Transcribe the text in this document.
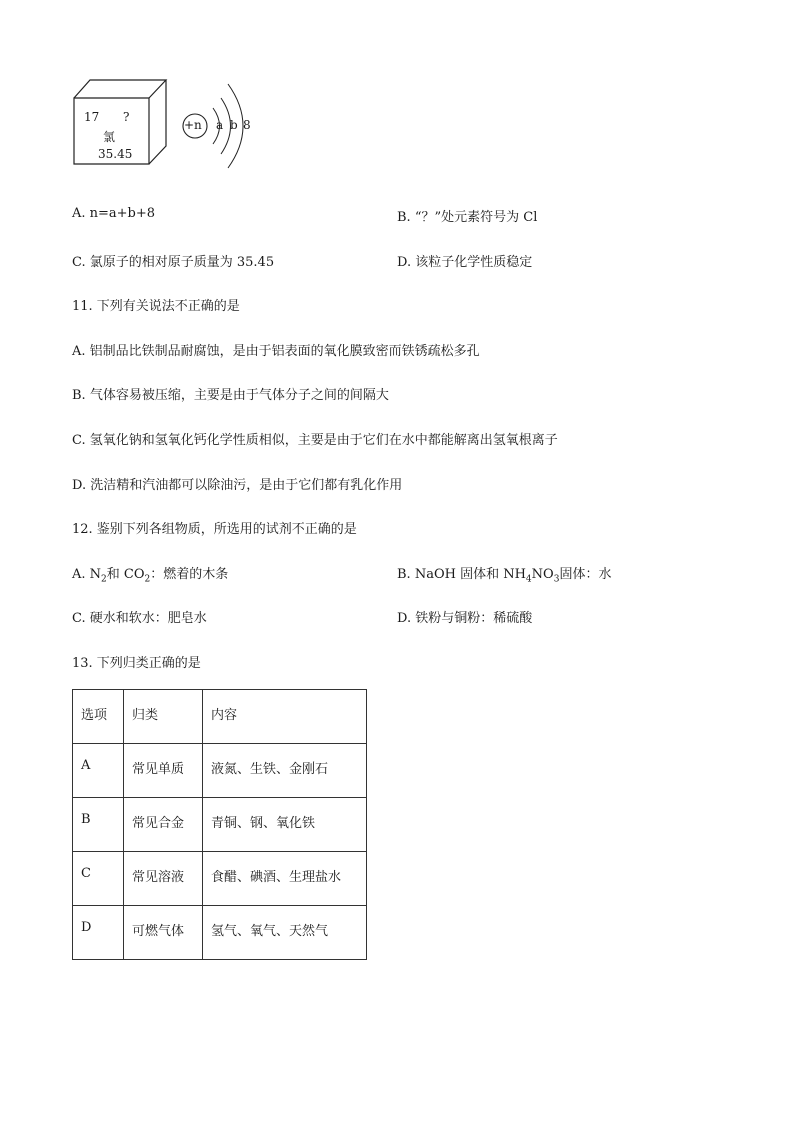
17 ?
氯
35.45
+n a b 8
A. n=a+b+8	B. “？”处元素符号为 Cl
C. 氯原子的相对原子质量为 35.45	D. 该粒子化学性质稳定
11. 下列有关说法不正确的是
A. 铝制品比铁制品耐腐蚀，是由于铝表面的氧化膜致密而铁锈疏松多孔
B. 气体容易被压缩，主要是由于气体分子之间的间隔大
C. 氢氧化钠和氢氧化钙化学性质相似，主要是由于它们在水中都能解离出氢氧根离子
D. 洗洁精和汽油都可以除油污，是由于它们都有乳化作用
12. 鉴别下列各组物质，所选用的试剂不正确的是
A. $N_2$和 $CO_2$：燃着的木条	B. NaOH 固体和 $NH_4NO_3$固体：水
C. 硬水和软水：肥皂水	D. 铁粉与铜粉：稀硫酸
13. 下列归类正确的是
选项	归类	内容
A	常见单质	液氮、生铁、金刚石
B	常见合金	青铜、钢、氧化铁
C	常见溶液	食醋、碘酒、生理盐水
D	可燃气体	氢气、氧气、天然气
